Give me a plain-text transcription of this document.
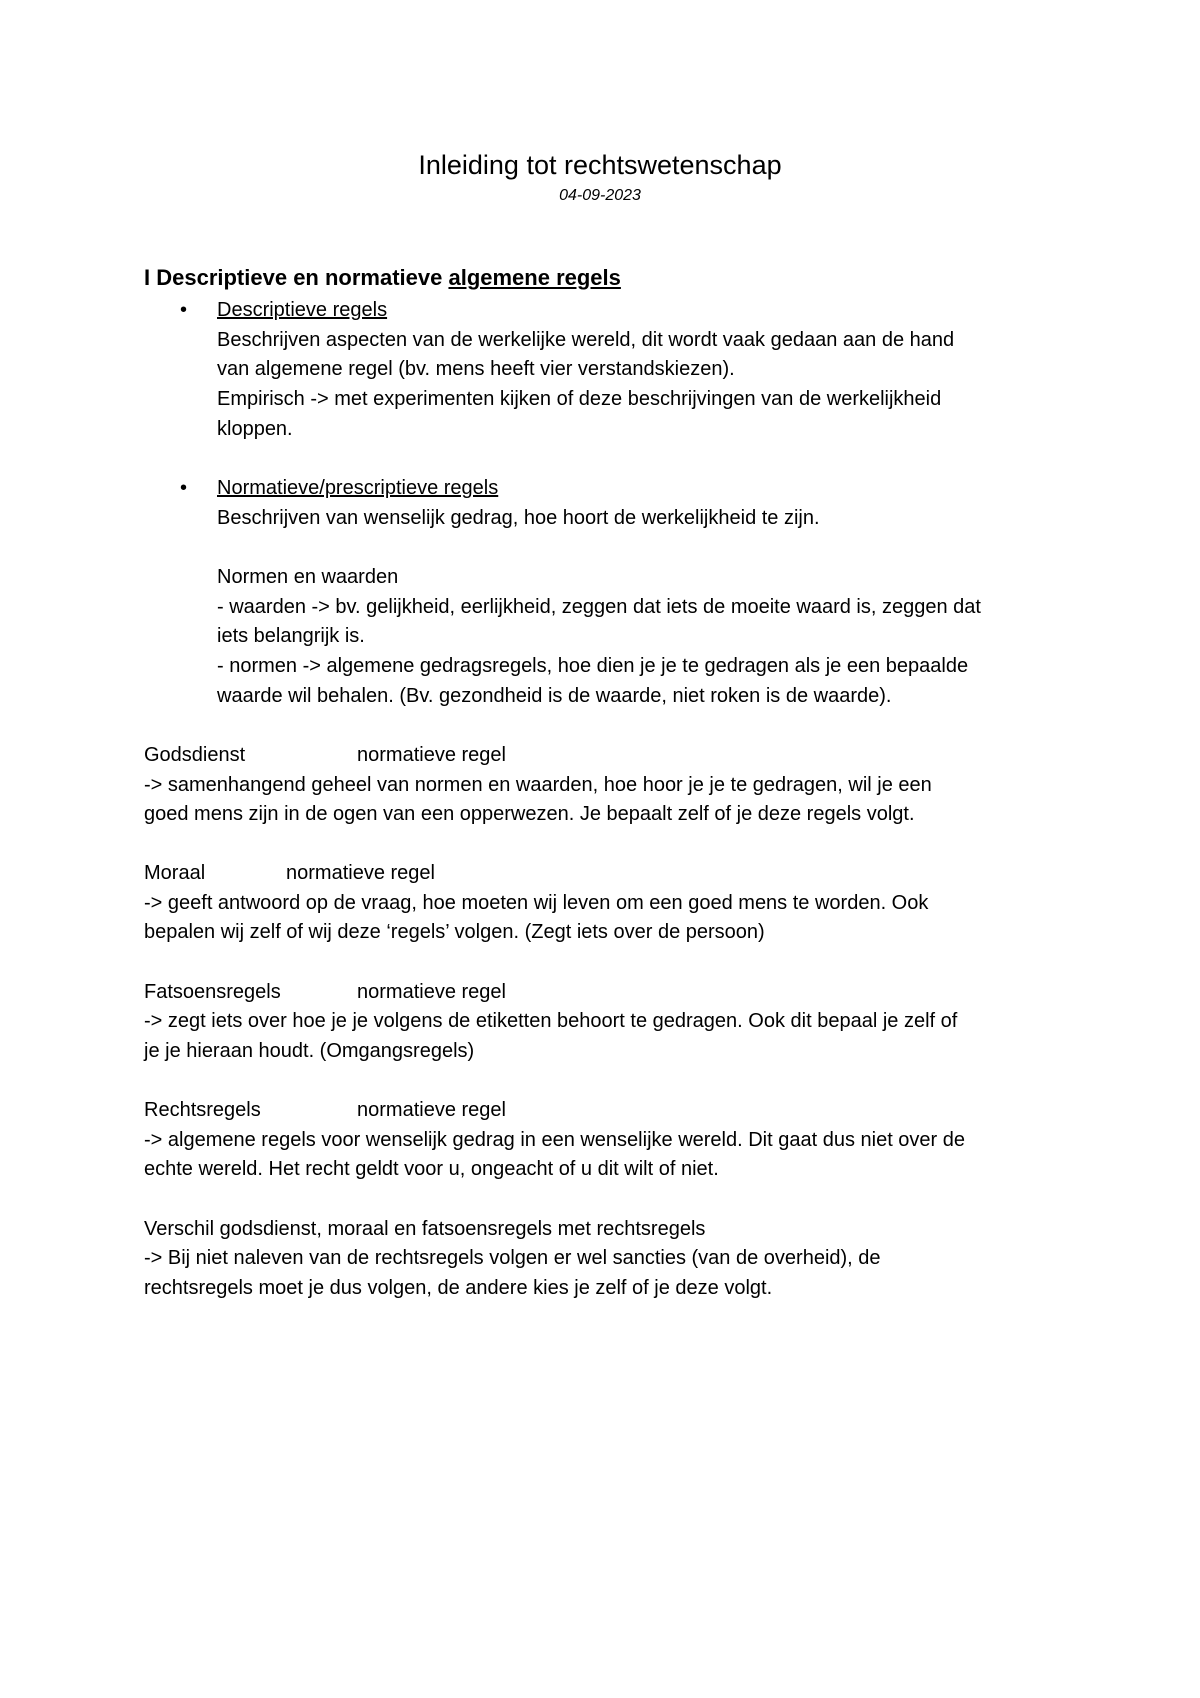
Inleiding tot rechtswetenschap
04-09-2023
I Descriptieve en normatieve algemene regels
• Descriptieve regels
Beschrijven aspecten van de werkelijke wereld, dit wordt vaak gedaan aan de hand
van algemene regel (bv. mens heeft vier verstandskiezen).
Empirisch -> met experimenten kijken of deze beschrijvingen van de werkelijkheid
kloppen.
• Normatieve/prescriptieve regels
Beschrijven van wenselijk gedrag, hoe hoort de werkelijkheid te zijn.
Normen en waarden
- waarden -> bv. gelijkheid, eerlijkheid, zeggen dat iets de moeite waard is, zeggen dat
iets belangrijk is.
- normen -> algemene gedragsregels, hoe dien je je te gedragen als je een bepaalde
waarde wil behalen. (Bv. gezondheid is de waarde, niet roken is de waarde).
Godsdienst	normatieve regel
-> samenhangend geheel van normen en waarden, hoe hoor je je te gedragen, wil je een
goed mens zijn in de ogen van een opperwezen. Je bepaalt zelf of je deze regels volgt.
Moraal	normatieve regel
-> geeft antwoord op de vraag, hoe moeten wij leven om een goed mens te worden. Ook
bepalen wij zelf of wij deze ‘regels’ volgen. (Zegt iets over de persoon)
Fatsoensregels	normatieve regel
-> zegt iets over hoe je je volgens de etiketten behoort te gedragen. Ook dit bepaal je zelf of
je je hieraan houdt. (Omgangsregels)
Rechtsregels	normatieve regel
-> algemene regels voor wenselijk gedrag in een wenselijke wereld. Dit gaat dus niet over de
echte wereld. Het recht geldt voor u, ongeacht of u dit wilt of niet.
Verschil godsdienst, moraal en fatsoensregels met rechtsregels
-> Bij niet naleven van de rechtsregels volgen er wel sancties (van de overheid), de
rechtsregels moet je dus volgen, de andere kies je zelf of je deze volgt.
